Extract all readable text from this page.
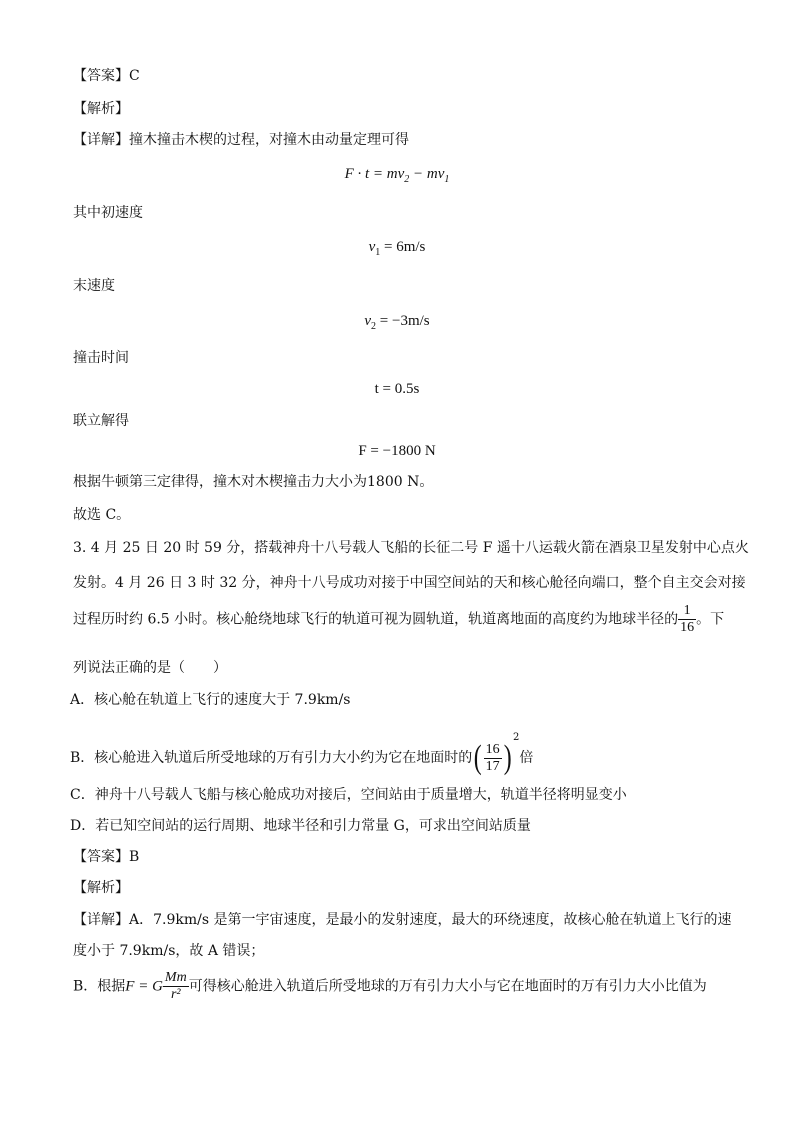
【答案】C
【解析】
【详解】撞木撞击木楔的过程，对撞木由动量定理可得
$F \cdot t = mv_2 - mv_1$
其中初速度
$v_1 = 6m/s$
末速度
$v_2 = -3m/s$
撞击时间
t = 0.5s
联立解得
F = −1800 N
根据牛顿第三定律得，撞木对木楔撞击力大小为1800 N。
故选 C。
3. 4 月 25 日 20 时 59 分，搭载神舟十八号载人飞船的长征二号 F 遥十八运载火箭在酒泉卫星发射中心点火
发射。4 月 26 日 3 时 32 分，神舟十八号成功对接于中国空间站的天和核心舱径向端口，整个自主交会对接
过程历时约 6.5 小时。核心舱绕地球飞行的轨道可视为圆轨道，轨道离地面的高度约为地球半径的 $\frac{1}{16}$ 。下
列说法正确的是（　　）
A．核心舱在轨道上飞行的速度大于 7.9km/s
B．核心舱进入轨道后所受地球的万有引力大小约为它在地面时的( $\frac{16}{17} )^2$倍
C．神舟十八号载人飞船与核心舱成功对接后，空间站由于质量增大，轨道半径将明显变小
D．若已知空间站的运行周期、地球半径和引力常量 G，可求出空间站质量
【答案】B
【解析】
【详解】A．7.9km/s 是第一宇宙速度，是最小的发射速度，最大的环绕速度，故核心舱在轨道上飞行的速
度小于 7.9km/s，故 A 错误；
B．根据F = G $\frac{Mm}{\text{r²}}$ 可得核心舱进入轨道后所受地球的万有引力大小与它在地面时的万有引力大小比值为
